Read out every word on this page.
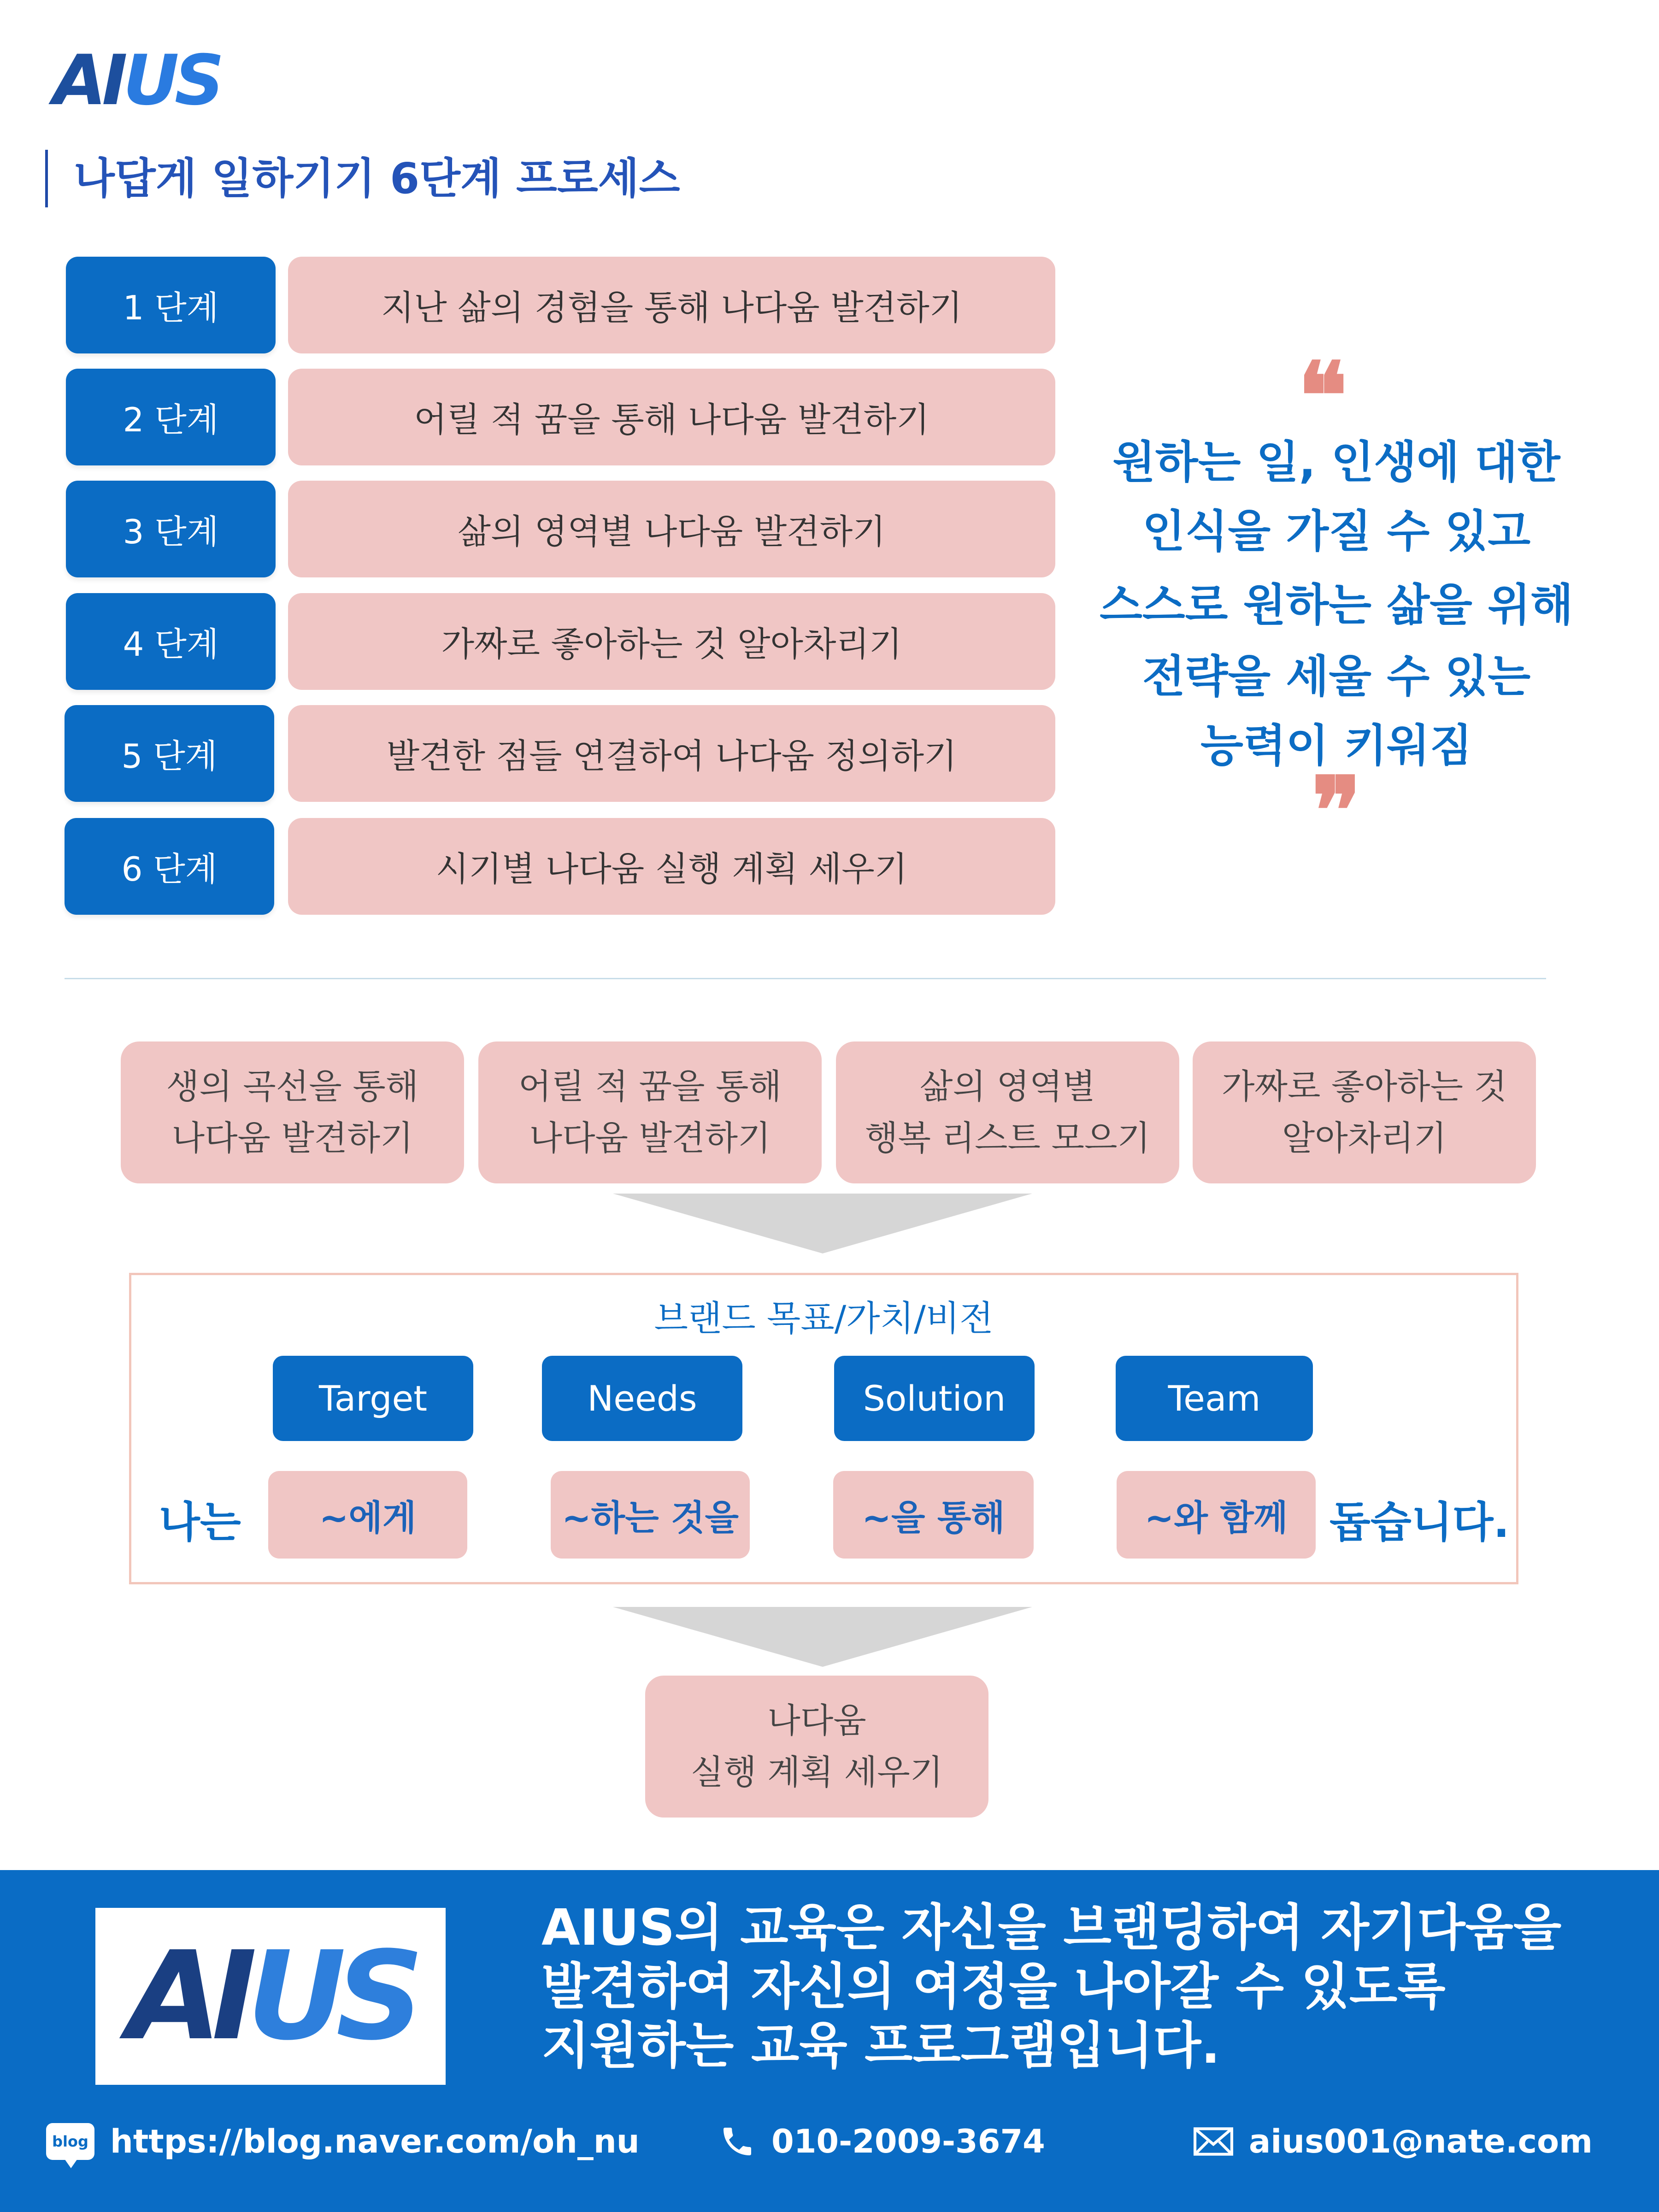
AI US
나답게 일하기기 6단계 프로세스
1 단계	지난 삶의 경험을 통해 나다움 발견하기
2 단계	어릴 적 꿈을 통해 나다움 발견하기
3 단계	삶의 영역별 나다움 발견하기
4 단계	가짜로 좋아하는 것 알아차리기
5 단계	발견한 점들 연결하여 나다움 정의하기
6 단계	시기별 나다움 실행 계획 세우기
❝
원하는 일, 인생에 대한
인식을 가질 수 있고
스스로 원하는 삶을 위해
전략을 세울 수 있는
능력이 키워짐
❞
생의 곡선을 통해
나다움 발견하기
어릴 적 꿈을 통해
나다움 발견하기
삶의 영역별
행복 리스트 모으기
가짜로 좋아하는 것
알아차리기
브랜드 목표/가치/비전
Target	Needs	Solution	Team
나는	~에게	~하는 것을	~을 통해	~와 함께 돕습니다.
나다움
실행 계획 세우기
AIUS	AIUS의 교육은 자신을 브랜딩하여 자기다움을
발견하여 자신의 여정을 나아갈 수 있도록
지원하는 교육 프로그램입니다.
blog https://blog.naver.com/oh_nu	010-2009-3674	aius001@nate.com
